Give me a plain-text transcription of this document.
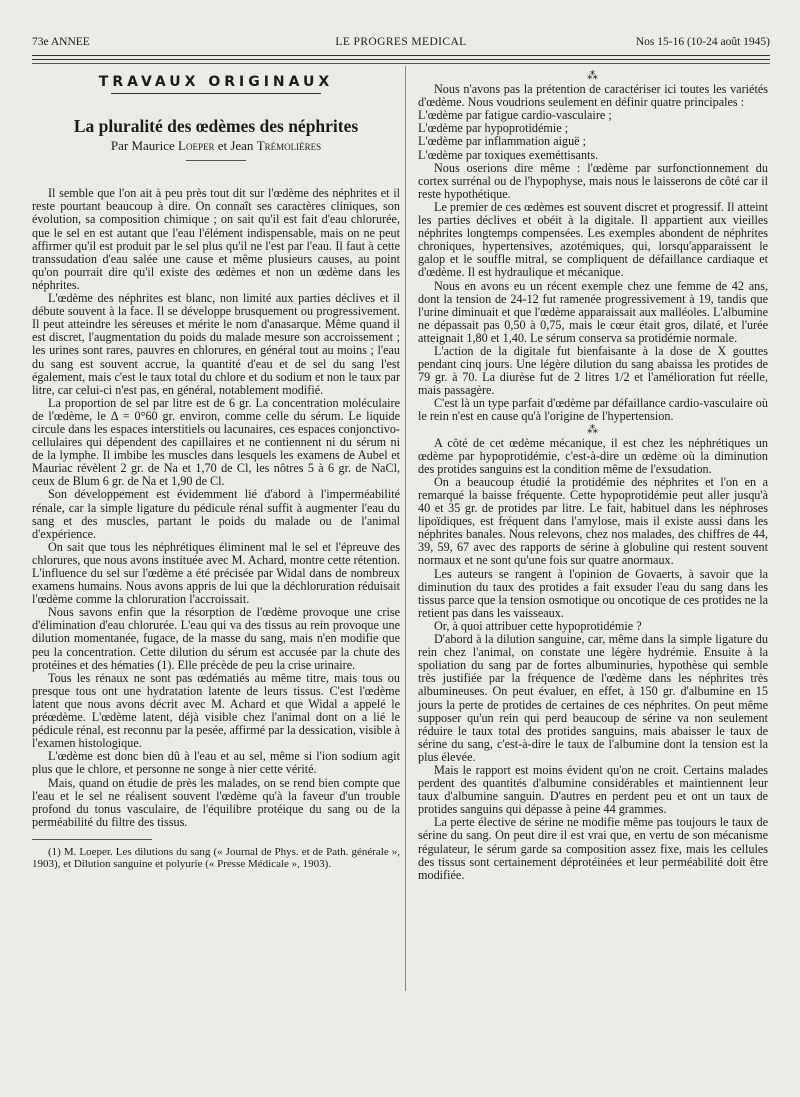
73e ANNEE	LE PROGRES MEDICAL	Nos 15-16 (10-24 août 1945)
TRAVAUX ORIGINAUX
La pluralité des œdèmes des néphrites
Par Maurice Loeper et Jean Trémolières

Il semble que l'on ait à peu près tout dit sur l'œdème des néphrites et il reste pourtant beaucoup à dire. On connaît ses caractères cliniques, son évolution, sa composition chimique ; on sait qu'il est fait d'eau chlorurée, que le sel en est autant que l'eau l'élément indispensable, mais on ne peut affirmer qu'il est produit par le sel plus qu'il ne l'est par l'eau. Il faut à cette transsudation d'eau salée une cause et même plusieurs causes, au point qu'on pourrait dire qu'il existe des œdèmes et non un œdème dans les néphrites.

L'œdème des néphrites est blanc, non limité aux parties déclives et il débute souvent à la face. Il se développe brusquement ou progressivement. Il peut atteindre les séreuses et mérite le nom d'anasarque. Même quand il est discret, l'augmentation du poids du malade mesure son accroissement ; les urines sont rares, pauvres en chlorures, en général tout au moins ; l'eau du sang est souvent accrue, la quantité d'eau et de sel du sang l'est également, mais c'est le taux total du chlore et du sodium et non le taux par litre, car celui-ci n'est pas, en général, notablement modifié.

La proportion de sel par litre est de 6 gr. La concentration moléculaire de l'œdème, le Δ = 0°60 gr. environ, comme celle du sérum. Le liquide circule dans les espaces interstitiels ou lacunaires, ces espaces conjonctivo-cellulaires qui dépendent des capillaires et ne contiennent ni du sérum ni de la lymphe. Il imbibe les muscles dans lesquels les examens de Aubel et Mauriac révèlent 2 gr. de Na et 1,70 de Cl, les nôtres 5 à 6 gr. de NaCl, ceux de Blum 6 gr. de Na et 1,90 de Cl.

Son développement est évidemment lié d'abord à l'imperméabilité rénale, car la simple ligature du pédicule rénal suffit à augmenter l'eau du sang et des muscles, partant le poids du malade ou de l'animal d'expérience.

On sait que tous les néphrétiques éliminent mal le sel et l'épreuve des chlorures, que nous avons instituée avec M. Achard, montre cette rétention. L'influence du sel sur l'œdème a été précisée par Widal dans de nombreux examens humains. Nous avons appris de lui que la déchloruration réduisait l'œdème comme la chloruration l'accroissait.

Nous savons enfin que la résorption de l'œdème provoque une crise d'élimination d'eau chlorurée. L'eau qui va des tissus au rein provoque une dilution momentanée, fugace, de la masse du sang, mais n'en modifie que peu la concentration. Cette dilution du sérum est accusée par la chute des protéines et des hématies (1). Elle précède de peu la crise urinaire.

Tous les rénaux ne sont pas œdématiés au même titre, mais tous ou presque tous ont une hydratation latente de leurs tissus. C'est l'œdème latent que nous avons décrit avec M. Achard et que Widal a appelé le préœdème. L'œdème latent, déjà visible chez l'animal dont on a lié le pédicule rénal, est reconnu par la pesée, affirmé par la dessication, visible à l'examen histologique.

L'œdème est donc bien dû à l'eau et au sel, même si l'ion sodium agit plus que le chlore, et personne ne songe à nier cette vérité.

Mais, quand on étudie de près les malades, on se rend bien compte que l'eau et le sel ne réalisent souvent l'œdème qu'à la faveur d'un trouble profond du tonus vasculaire, de l'équilibre protéique du sang ou de la perméabilité du filtre des tissus.

(1) M. Loeper. Les dilutions du sang (« Journal de Phys. et de Path. générale », 1903), et Dilution sanguine et polyurie (« Presse Médicale », 1903).

⁂

Nous n'avons pas la prétention de caractériser ici toutes les variétés d'œdème. Nous voudrions seulement en définir quatre principales :

L'œdème par fatigue cardio-vasculaire ;

L'œdème par hypoprotidémie ;

L'œdème par inflammation aiguë ;

L'œdème par toxiques exeméttisants.

Nous oserions dire même : l'œdème par surfonctionnement du cortex surrénal ou de l'hypophyse, mais nous le laisserons de côté car il reste hypothétique.

Le premier de ces œdèmes est souvent discret et progressif. Il atteint les parties déclives et obéit à la digitale. Il appartient aux vieilles néphrites longtemps compensées. Les exemples abondent de néphrites chroniques, hypertensives, azotémiques, qui, lorsqu'apparaissent le galop et le souffle mitral, se compliquent de défaillance cardiaque et d'œdème. Il est hydraulique et mécanique.

Nous en avons eu un récent exemple chez une femme de 42 ans, dont la tension de 24-12 fut ramenée progressivement à 19, tandis que l'urine diminuait et que l'œdème apparaissait aux malléoles. L'albumine ne dépassait pas 0,50 à 0,75, mais le cœur était gros, dilaté, et l'urée atteignait 1,80 et 1,40. Le sérum conserva sa protidémie normale.

L'action de la digitale fut bienfaisante à la dose de X gouttes pendant cinq jours. Une légère dilution du sang abaissa les protides de 79 gr. à 70. La diurèse fut de 2 litres 1/2 et l'amélioration fut réelle, mais passagère.

C'est là un type parfait d'œdème par défaillance cardio-vasculaire où le rein n'est en cause qu'à l'origine de l'hypertension.

⁂

A côté de cet œdème mécanique, il est chez les néphrétiques un œdème par hypoprotidémie, c'est-à-dire un œdème où la diminution des protides sanguins est la condition même de l'exsudation.

On a beaucoup étudié la protidémie des néphrites et l'on en a remarqué la baisse fréquente. Cette hypoprotidémie peut aller jusqu'à 40 et 35 gr. de protides par litre. Le fait, habituel dans les néphroses lipoïdiques, est fréquent dans l'amylose, mais il existe aussi dans les néphrites banales. Nous relevons, chez nos malades, des chiffres de 44, 39, 59, 67 avec des rapports de sérine à globuline qui restent souvent normaux et ne sont qu'une fois sur quatre anormaux.

Les auteurs se rangent à l'opinion de Govaerts, à savoir que la diminution du taux des protides a fait exsuder l'eau du sang dans les tissus parce que la tension osmotique ou oncotique de ces protides ne la retient pas dans les vaisseaux.

Or, à quoi attribuer cette hypoprotidémie ?

D'abord à la dilution sanguine, car, même dans la simple ligature du rein chez l'animal, on constate une légère hydrémie. Ensuite à la spoliation du sang par de fortes albuminuries, hypothèse qui semble très justifiée par la fréquence de l'œdème dans les néphrites très albumineuses. On peut évaluer, en effet, à 150 gr. d'albumine en 15 jours la perte de protides de certaines de ces néphrites. On peut même supposer qu'un rein qui perd beaucoup de sérine va non seulement réduire le taux total des protides sanguins, mais abaisser le taux de sérine du sang, c'est-à-dire le taux de l'albumine dont la tension est la plus élevée.

Mais le rapport est moins évident qu'on ne croit. Certains malades perdent des quantités d'albumine considérables et maintiennent leur taux d'albumine sanguin. D'autres en perdent peu et ont un taux de protides sanguins qui dépasse à peine 44 grammes.

La perte élective de sérine ne modifie même pas toujours le taux de sérine du sang. On peut dire il est vrai que, en vertu de son mécanisme régulateur, le sérum garde sa composition assez fixe, mais les cellules des tissus sont certainement déprotéinées et leur perméabilité doit être modifiée.
